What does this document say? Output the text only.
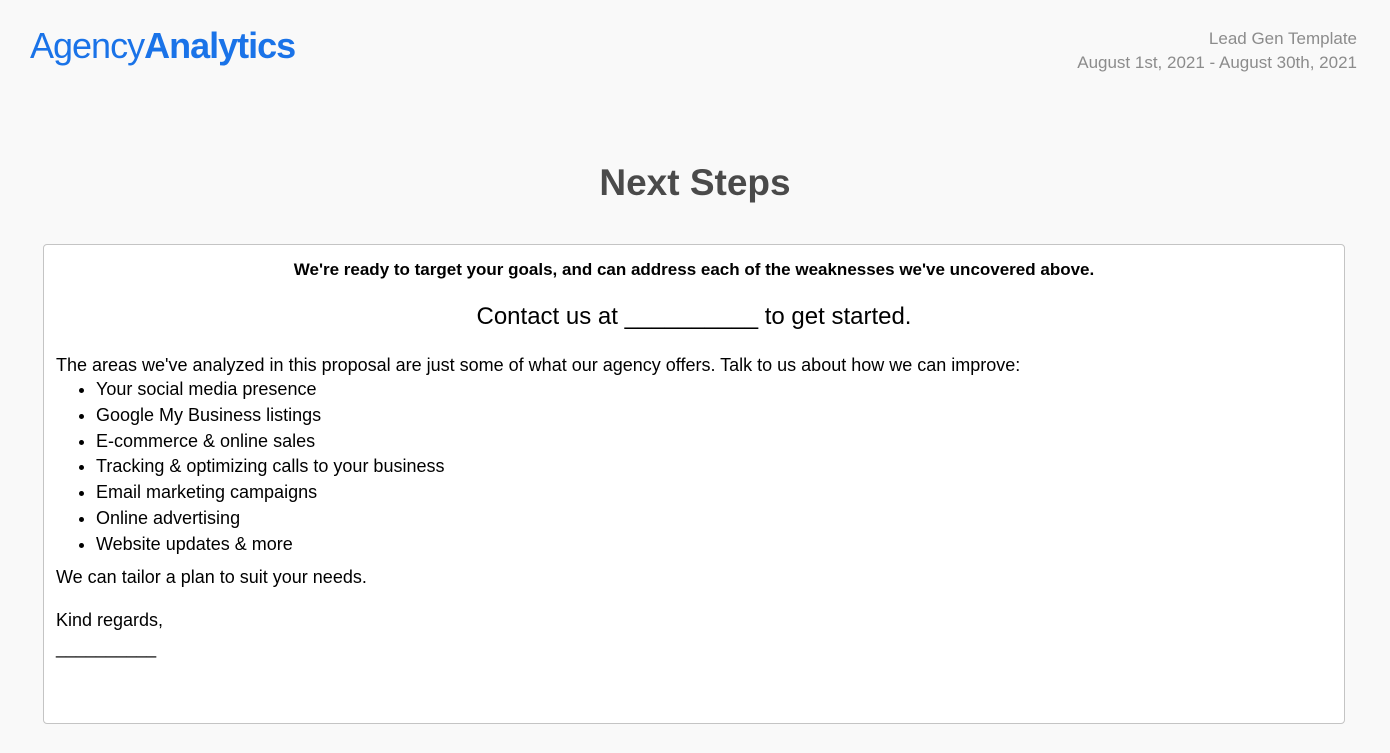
AgencyAnalytics	Lead Gen Template
August 1st, 2021 - August 30th, 2021
Next Steps

We're ready to target your goals, and can address each of the weaknesses we've uncovered above.

Contact us at __________ to get started.

The areas we've analyzed in this proposal are just some of what our agency offers. Talk to us about how we can improve:

• Your social media presence
• Google My Business listings
• E-commerce & online sales
• Tracking & optimizing calls to your business
• Email marketing campaigns
• Online advertising
• Website updates & more

We can tailor a plan to suit your needs.

Kind regards,

__________
